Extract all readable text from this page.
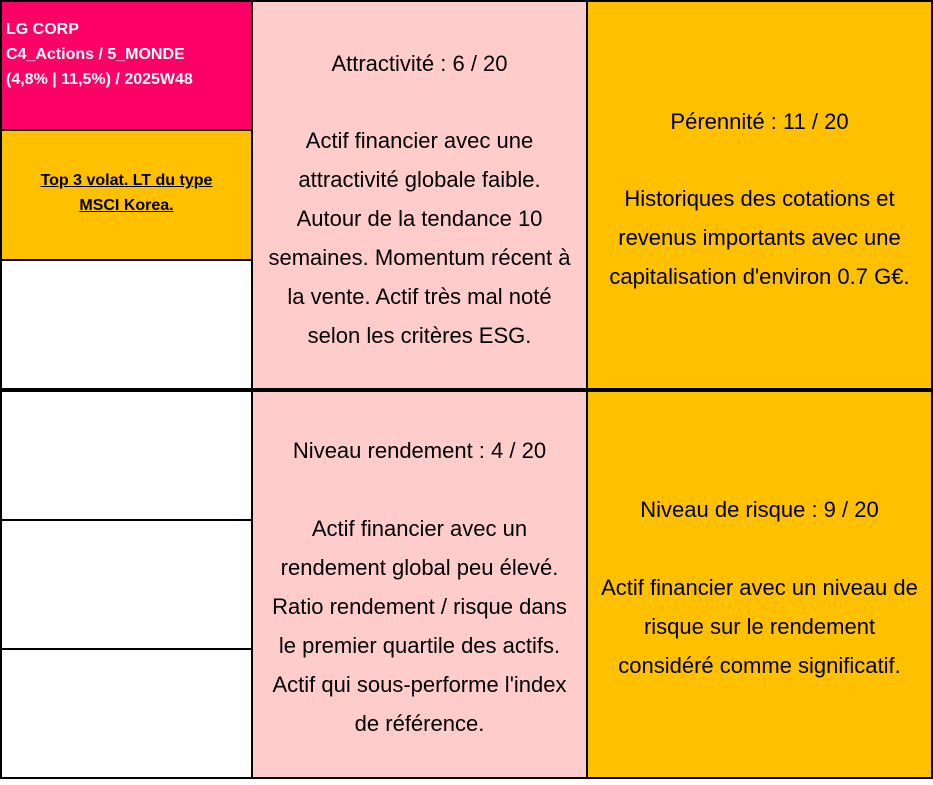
LG CORP
C4_Actions / 5_MONDE
(4,8% | 11,5%) / 2025W48
Top 3 volat. LT du type
MSCI Korea.
Attractivité : 6 / 20
Actif financier avec une
attractivité globale faible.
Autour de la tendance 10
semaines. Momentum récent à
la vente. Actif très mal noté
selon les critères ESG.
Pérennité : 11 / 20
Historiques des cotations et
revenus importants avec une
capitalisation d'environ 0.7 G€.
Niveau rendement : 4 / 20
Actif financier avec un
rendement global peu élevé.
Ratio rendement / risque dans
le premier quartile des actifs.
Actif qui sous-performe l'index
de référence.
Niveau de risque : 9 / 20
Actif financier avec un niveau de
risque sur le rendement
considéré comme significatif.
